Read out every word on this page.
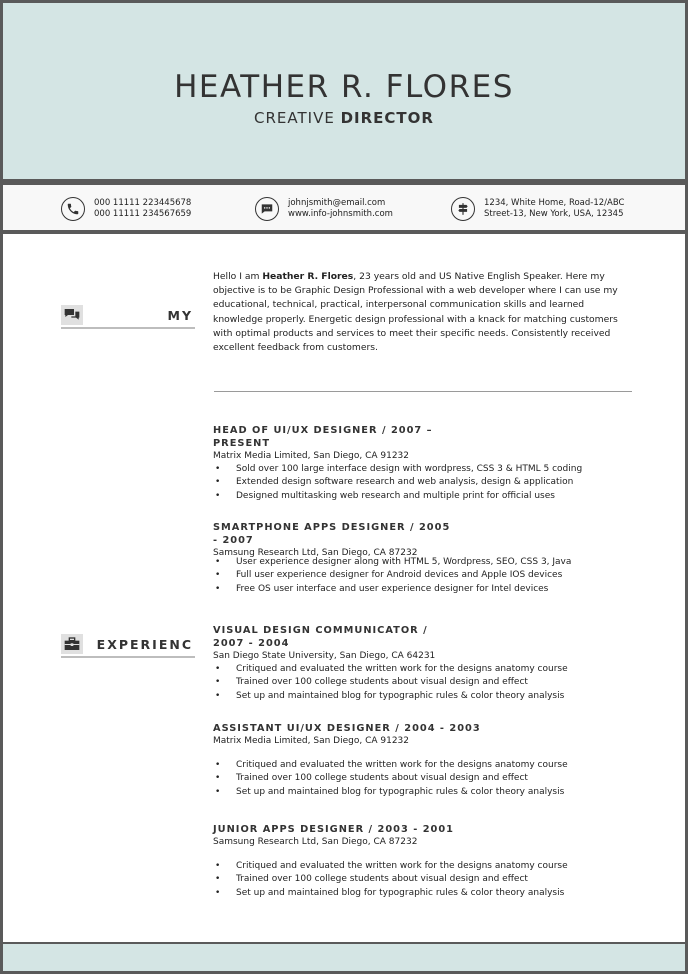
HEATHER R. FLORES
CREATIVE DIRECTOR
000 11111 223445678
000 11111 234567659
johnjsmith@email.com
www.info-johnsmith.com
1234, White Home, Road-12/ABC
Street-13, New York, USA, 12345
MY
Hello I am Heather R. Flores, 23 years old and US Native English Speaker. Here my objective is to be Graphic Design Professional with a web developer where I can use my educational, technical, practical, interpersonal communication skills and learned knowledge properly. Energetic design professional with a knack for matching customers with optimal products and services to meet their specific needs. Consistently received excellent feedback from customers.
EXPERIENC
HEAD OF UI/UX DESIGNER / 2007 – PRESENT
Matrix Media Limited, San Diego, CA 91232
• Sold over 100 large interface design with wordpress, CSS 3 & HTML 5 coding
• Extended design software research and web analysis, design & application
• Designed multitasking web research and multiple print for official uses
SMARTPHONE APPS DESIGNER / 2005 - 2007
Samsung Research Ltd, San Diego, CA 87232
• User experience designer along with HTML 5, Wordpress, SEO, CSS 3, Java
• Full user experience designer for Android devices and Apple IOS devices
• Free OS user interface and user experience designer for Intel devices
VISUAL DESIGN COMMUNICATOR / 2007 - 2004
San Diego State University, San Diego, CA 64231
• Critiqued and evaluated the written work for the designs anatomy course
• Trained over 100 college students about visual design and effect
• Set up and maintained blog for typographic rules & color theory analysis
ASSISTANT UI/UX DESIGNER / 2004 - 2003
Matrix Media Limited, San Diego, CA 91232
• Critiqued and evaluated the written work for the designs anatomy course
• Trained over 100 college students about visual design and effect
• Set up and maintained blog for typographic rules & color theory analysis
JUNIOR APPS DESIGNER / 2003 - 2001
Samsung Research Ltd, San Diego, CA 87232
• Critiqued and evaluated the written work for the designs anatomy course
• Trained over 100 college students about visual design and effect
• Set up and maintained blog for typographic rules & color theory analysis
